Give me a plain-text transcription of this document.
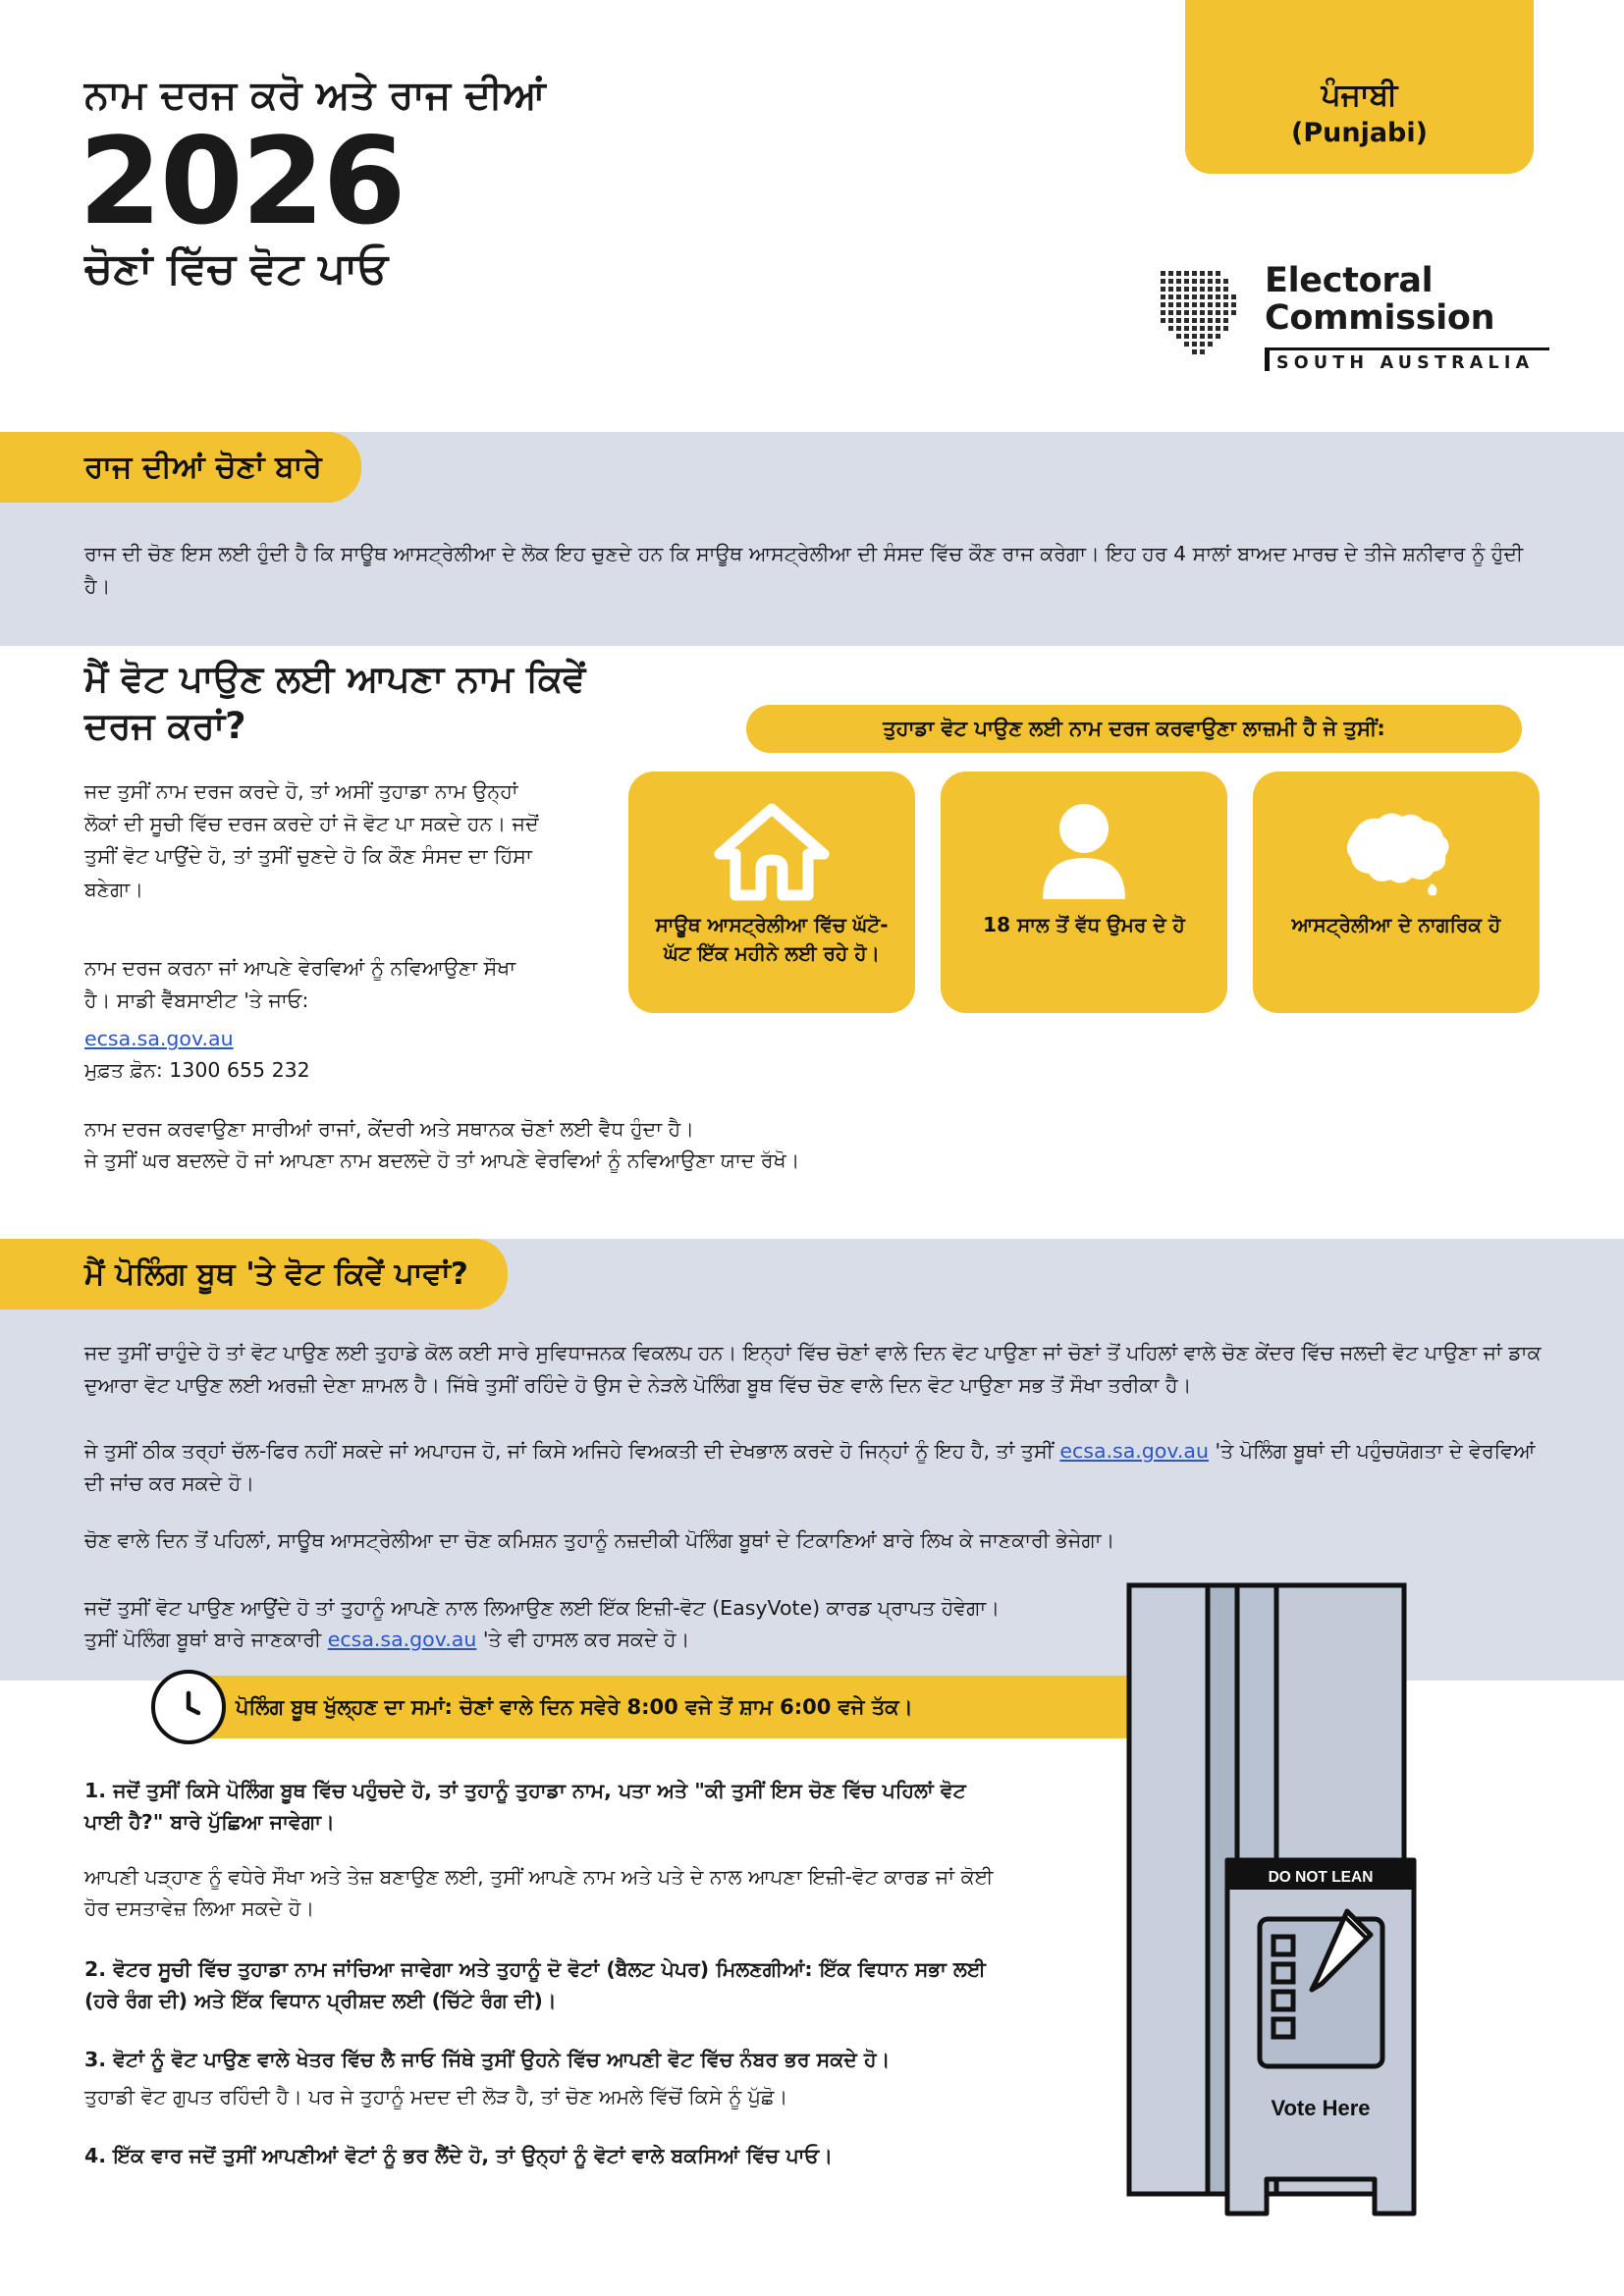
ਪੰਜਾਬੀ
(Punjabi)
ਨਾਮ ਦਰਜ ਕਰੋ ਅਤੇ ਰਾਜ ਦੀਆਂ
2026
ਚੋਣਾਂ ਵਿੱਚ ਵੋਟ ਪਾਓ	Electoral
Commission
SOUTH AUSTRALIA
ਰਾਜ ਦੀਆਂ ਚੋਣਾਂ ਬਾਰੇ
ਰਾਜ ਦੀ ਚੋਣ ਇਸ ਲਈ ਹੁੰਦੀ ਹੈ ਕਿ ਸਾਊਥ ਆਸਟ੍ਰੇਲੀਆ ਦੇ ਲੋਕ ਇਹ ਚੁਣਦੇ ਹਨ ਕਿ ਸਾਊਥ ਆਸਟ੍ਰੇਲੀਆ ਦੀ ਸੰਸਦ ਵਿੱਚ ਕੌਣ ਰਾਜ ਕਰੇਗਾ। ਇਹ ਹਰ 4 ਸਾਲਾਂ ਬਾਅਦ ਮਾਰਚ ਦੇ ਤੀਜੇ ਸ਼ਨੀਵਾਰ ਨੂੰ ਹੁੰਦੀ ਹੈ।
ਮੈਂ ਵੋਟ ਪਾਉਣ ਲਈ ਆਪਣਾ ਨਾਮ ਕਿਵੇਂ ਦਰਜ ਕਰਾਂ?
ਜਦ ਤੁਸੀਂ ਨਾਮ ਦਰਜ ਕਰਦੇ ਹੋ, ਤਾਂ ਅਸੀਂ ਤੁਹਾਡਾ ਨਾਮ ਉਨ੍ਹਾਂ ਲੋਕਾਂ ਦੀ ਸੂਚੀ ਵਿੱਚ ਦਰਜ ਕਰਦੇ ਹਾਂ ਜੋ ਵੋਟ ਪਾ ਸਕਦੇ ਹਨ। ਜਦੋਂ ਤੁਸੀਂ ਵੋਟ ਪਾਉਂਦੇ ਹੋ, ਤਾਂ ਤੁਸੀਂ ਚੁਣਦੇ ਹੋ ਕਿ ਕੌਣ ਸੰਸਦ ਦਾ ਹਿੱਸਾ ਬਣੇਗਾ।
ਨਾਮ ਦਰਜ ਕਰਨਾ ਜਾਂ ਆਪਣੇ ਵੇਰਵਿਆਂ ਨੂੰ ਨਵਿਆਉਣਾ ਸੌਖਾ ਹੈ। ਸਾਡੀ ਵੈੱਬਸਾਈਟ 'ਤੇ ਜਾਓ:
ecsa.sa.gov.au
ਮੁਫ਼ਤ ਫ਼ੋਨ: 1300 655 232
ਨਾਮ ਦਰਜ ਕਰਵਾਉਣਾ ਸਾਰੀਆਂ ਰਾਜਾਂ, ਕੇਂਦਰੀ ਅਤੇ ਸਥਾਨਕ ਚੋਣਾਂ ਲਈ ਵੈਧ ਹੁੰਦਾ ਹੈ।
ਜੇ ਤੁਸੀਂ ਘਰ ਬਦਲਦੇ ਹੋ ਜਾਂ ਆਪਣਾ ਨਾਮ ਬਦਲਦੇ ਹੋ ਤਾਂ ਆਪਣੇ ਵੇਰਵਿਆਂ ਨੂੰ ਨਵਿਆਉਣਾ ਯਾਦ ਰੱਖੋ।
ਤੁਹਾਡਾ ਵੋਟ ਪਾਉਣ ਲਈ ਨਾਮ ਦਰਜ ਕਰਵਾਉਣਾ ਲਾਜ਼ਮੀ ਹੈ ਜੇ ਤੁਸੀਂ:
ਸਾਊਥ ਆਸਟ੍ਰੇਲੀਆ ਵਿੱਚ ਘੱਟੋ-ਘੱਟ ਇੱਕ ਮਹੀਨੇ ਲਈ ਰਹੇ ਹੋ।
18 ਸਾਲ ਤੋਂ ਵੱਧ ਉਮਰ ਦੇ ਹੋ	ਆਸਟ੍ਰੇਲੀਆ ਦੇ ਨਾਗਰਿਕ ਹੋ
ਮੈਂ ਪੋਲਿੰਗ ਬੂਥ 'ਤੇ ਵੋਟ ਕਿਵੇਂ ਪਾਵਾਂ?
ਜਦ ਤੁਸੀਂ ਚਾਹੁੰਦੇ ਹੋ ਤਾਂ ਵੋਟ ਪਾਉਣ ਲਈ ਤੁਹਾਡੇ ਕੋਲ ਕਈ ਸਾਰੇ ਸੁਵਿਧਾਜਨਕ ਵਿਕਲਪ ਹਨ। ਇਨ੍ਹਾਂ ਵਿੱਚ ਚੋਣਾਂ ਵਾਲੇ ਦਿਨ ਵੋਟ ਪਾਉਣਾ ਜਾਂ ਚੋਣਾਂ ਤੋਂ ਪਹਿਲਾਂ ਵਾਲੇ ਚੋਣ ਕੇਂਦਰ ਵਿੱਚ ਜਲਦੀ ਵੋਟ ਪਾਉਣਾ ਜਾਂ ਡਾਕ ਦੁਆਰਾ ਵੋਟ ਪਾਉਣ ਲਈ ਅਰਜ਼ੀ ਦੇਣਾ ਸ਼ਾਮਲ ਹੈ। ਜਿੱਥੇ ਤੁਸੀਂ ਰਹਿੰਦੇ ਹੋ ਉਸ ਦੇ ਨੇੜਲੇ ਪੋਲਿੰਗ ਬੂਥ ਵਿੱਚ ਚੋਣ ਵਾਲੇ ਦਿਨ ਵੋਟ ਪਾਉਣਾ ਸਭ ਤੋਂ ਸੌਖਾ ਤਰੀਕਾ ਹੈ।
ਜੇ ਤੁਸੀਂ ਠੀਕ ਤਰ੍ਹਾਂ ਚੱਲ-ਫਿਰ ਨਹੀਂ ਸਕਦੇ ਜਾਂ ਅਪਾਹਜ ਹੋ, ਜਾਂ ਕਿਸੇ ਅਜਿਹੇ ਵਿਅਕਤੀ ਦੀ ਦੇਖਭਾਲ ਕਰਦੇ ਹੋ ਜਿਨ੍ਹਾਂ ਨੂੰ ਇਹ ਹੈ, ਤਾਂ ਤੁਸੀਂ ecsa.sa.gov.au 'ਤੇ ਪੋਲਿੰਗ ਬੂਥਾਂ ਦੀ ਪਹੁੰਚਯੋਗਤਾ ਦੇ ਵੇਰਵਿਆਂ ਦੀ ਜਾਂਚ ਕਰ ਸਕਦੇ ਹੋ।
ਚੋਣ ਵਾਲੇ ਦਿਨ ਤੋਂ ਪਹਿਲਾਂ, ਸਾਊਥ ਆਸਟ੍ਰੇਲੀਆ ਦਾ ਚੋਣ ਕਮਿਸ਼ਨ ਤੁਹਾਨੂੰ ਨਜ਼ਦੀਕੀ ਪੋਲਿੰਗ ਬੂਥਾਂ ਦੇ ਟਿਕਾਣਿਆਂ ਬਾਰੇ ਲਿਖ ਕੇ ਜਾਣਕਾਰੀ ਭੇਜੇਗਾ।
ਜਦੋਂ ਤੁਸੀਂ ਵੋਟ ਪਾਉਣ ਆਉਂਦੇ ਹੋ ਤਾਂ ਤੁਹਾਨੂੰ ਆਪਣੇ ਨਾਲ ਲਿਆਉਣ ਲਈ ਇੱਕ ਇਜ਼ੀ-ਵੋਟ (EasyVote) ਕਾਰਡ ਪ੍ਰਾਪਤ ਹੋਵੇਗਾ।
ਤੁਸੀਂ ਪੋਲਿੰਗ ਬੂਥਾਂ ਬਾਰੇ ਜਾਣਕਾਰੀ ecsa.sa.gov.au 'ਤੇ ਵੀ ਹਾਸਲ ਕਰ ਸਕਦੇ ਹੋ।
ਪੋਲਿੰਗ ਬੂਥ ਖੁੱਲ੍ਹਣ ਦਾ ਸਮਾਂ: ਚੋਣਾਂ ਵਾਲੇ ਦਿਨ ਸਵੇਰੇ 8:00 ਵਜੇ ਤੋਂ ਸ਼ਾਮ 6:00 ਵਜੇ ਤੱਕ।
1. ਜਦੋਂ ਤੁਸੀਂ ਕਿਸੇ ਪੋਲਿੰਗ ਬੂਥ ਵਿੱਚ ਪਹੁੰਚਦੇ ਹੋ, ਤਾਂ ਤੁਹਾਨੂੰ ਤੁਹਾਡਾ ਨਾਮ, ਪਤਾ ਅਤੇ "ਕੀ ਤੁਸੀਂ ਇਸ ਚੋਣ ਵਿੱਚ ਪਹਿਲਾਂ ਵੋਟ ਪਾਈ ਹੈ?" ਬਾਰੇ ਪੁੱਛਿਆ ਜਾਵੇਗਾ।
ਆਪਣੀ ਪੜ੍ਹਾਣ ਨੂੰ ਵਧੇਰੇ ਸੌਖਾ ਅਤੇ ਤੇਜ਼ ਬਣਾਉਣ ਲਈ, ਤੁਸੀਂ ਆਪਣੇ ਨਾਮ ਅਤੇ ਪਤੇ ਦੇ ਨਾਲ ਆਪਣਾ ਇਜ਼ੀ-ਵੋਟ ਕਾਰਡ ਜਾਂ ਕੋਈ ਹੋਰ ਦਸਤਾਵੇਜ਼ ਲਿਆ ਸਕਦੇ ਹੋ।
2. ਵੋਟਰ ਸੂਚੀ ਵਿੱਚ ਤੁਹਾਡਾ ਨਾਮ ਜਾਂਚਿਆ ਜਾਵੇਗਾ ਅਤੇ ਤੁਹਾਨੂੰ ਦੋ ਵੋਟਾਂ (ਬੈਲਟ ਪੇਪਰ) ਮਿਲਣਗੀਆਂ: ਇੱਕ ਵਿਧਾਨ ਸਭਾ ਲਈ (ਹਰੇ ਰੰਗ ਦੀ) ਅਤੇ ਇੱਕ ਵਿਧਾਨ ਪ੍ਰੀਸ਼ਦ ਲਈ (ਚਿੱਟੇ ਰੰਗ ਦੀ)।
3. ਵੋਟਾਂ ਨੂੰ ਵੋਟ ਪਾਉਣ ਵਾਲੇ ਖੇਤਰ ਵਿੱਚ ਲੈ ਜਾਓ ਜਿੱਥੇ ਤੁਸੀਂ ਉਹਨੇ ਵਿੱਚ ਆਪਣੀ ਵੋਟ ਵਿੱਚ ਨੰਬਰ ਭਰ ਸਕਦੇ ਹੋ।
ਤੁਹਾਡੀ ਵੋਟ ਗੁਪਤ ਰਹਿੰਦੀ ਹੈ। ਪਰ ਜੇ ਤੁਹਾਨੂੰ ਮਦਦ ਦੀ ਲੋੜ ਹੈ, ਤਾਂ ਚੋਣ ਅਮਲੇ ਵਿੱਚੋਂ ਕਿਸੇ ਨੂੰ ਪੁੱਛੋ।
4. ਇੱਕ ਵਾਰ ਜਦੋਂ ਤੁਸੀਂ ਆਪਣੀਆਂ ਵੋਟਾਂ ਨੂੰ ਭਰ ਲੈਂਦੇ ਹੋ, ਤਾਂ ਉਨ੍ਹਾਂ ਨੂੰ ਵੋਟਾਂ ਵਾਲੇ ਬਕਸਿਆਂ ਵਿੱਚ ਪਾਓ।
DO NOT LEAN
Vote Here
